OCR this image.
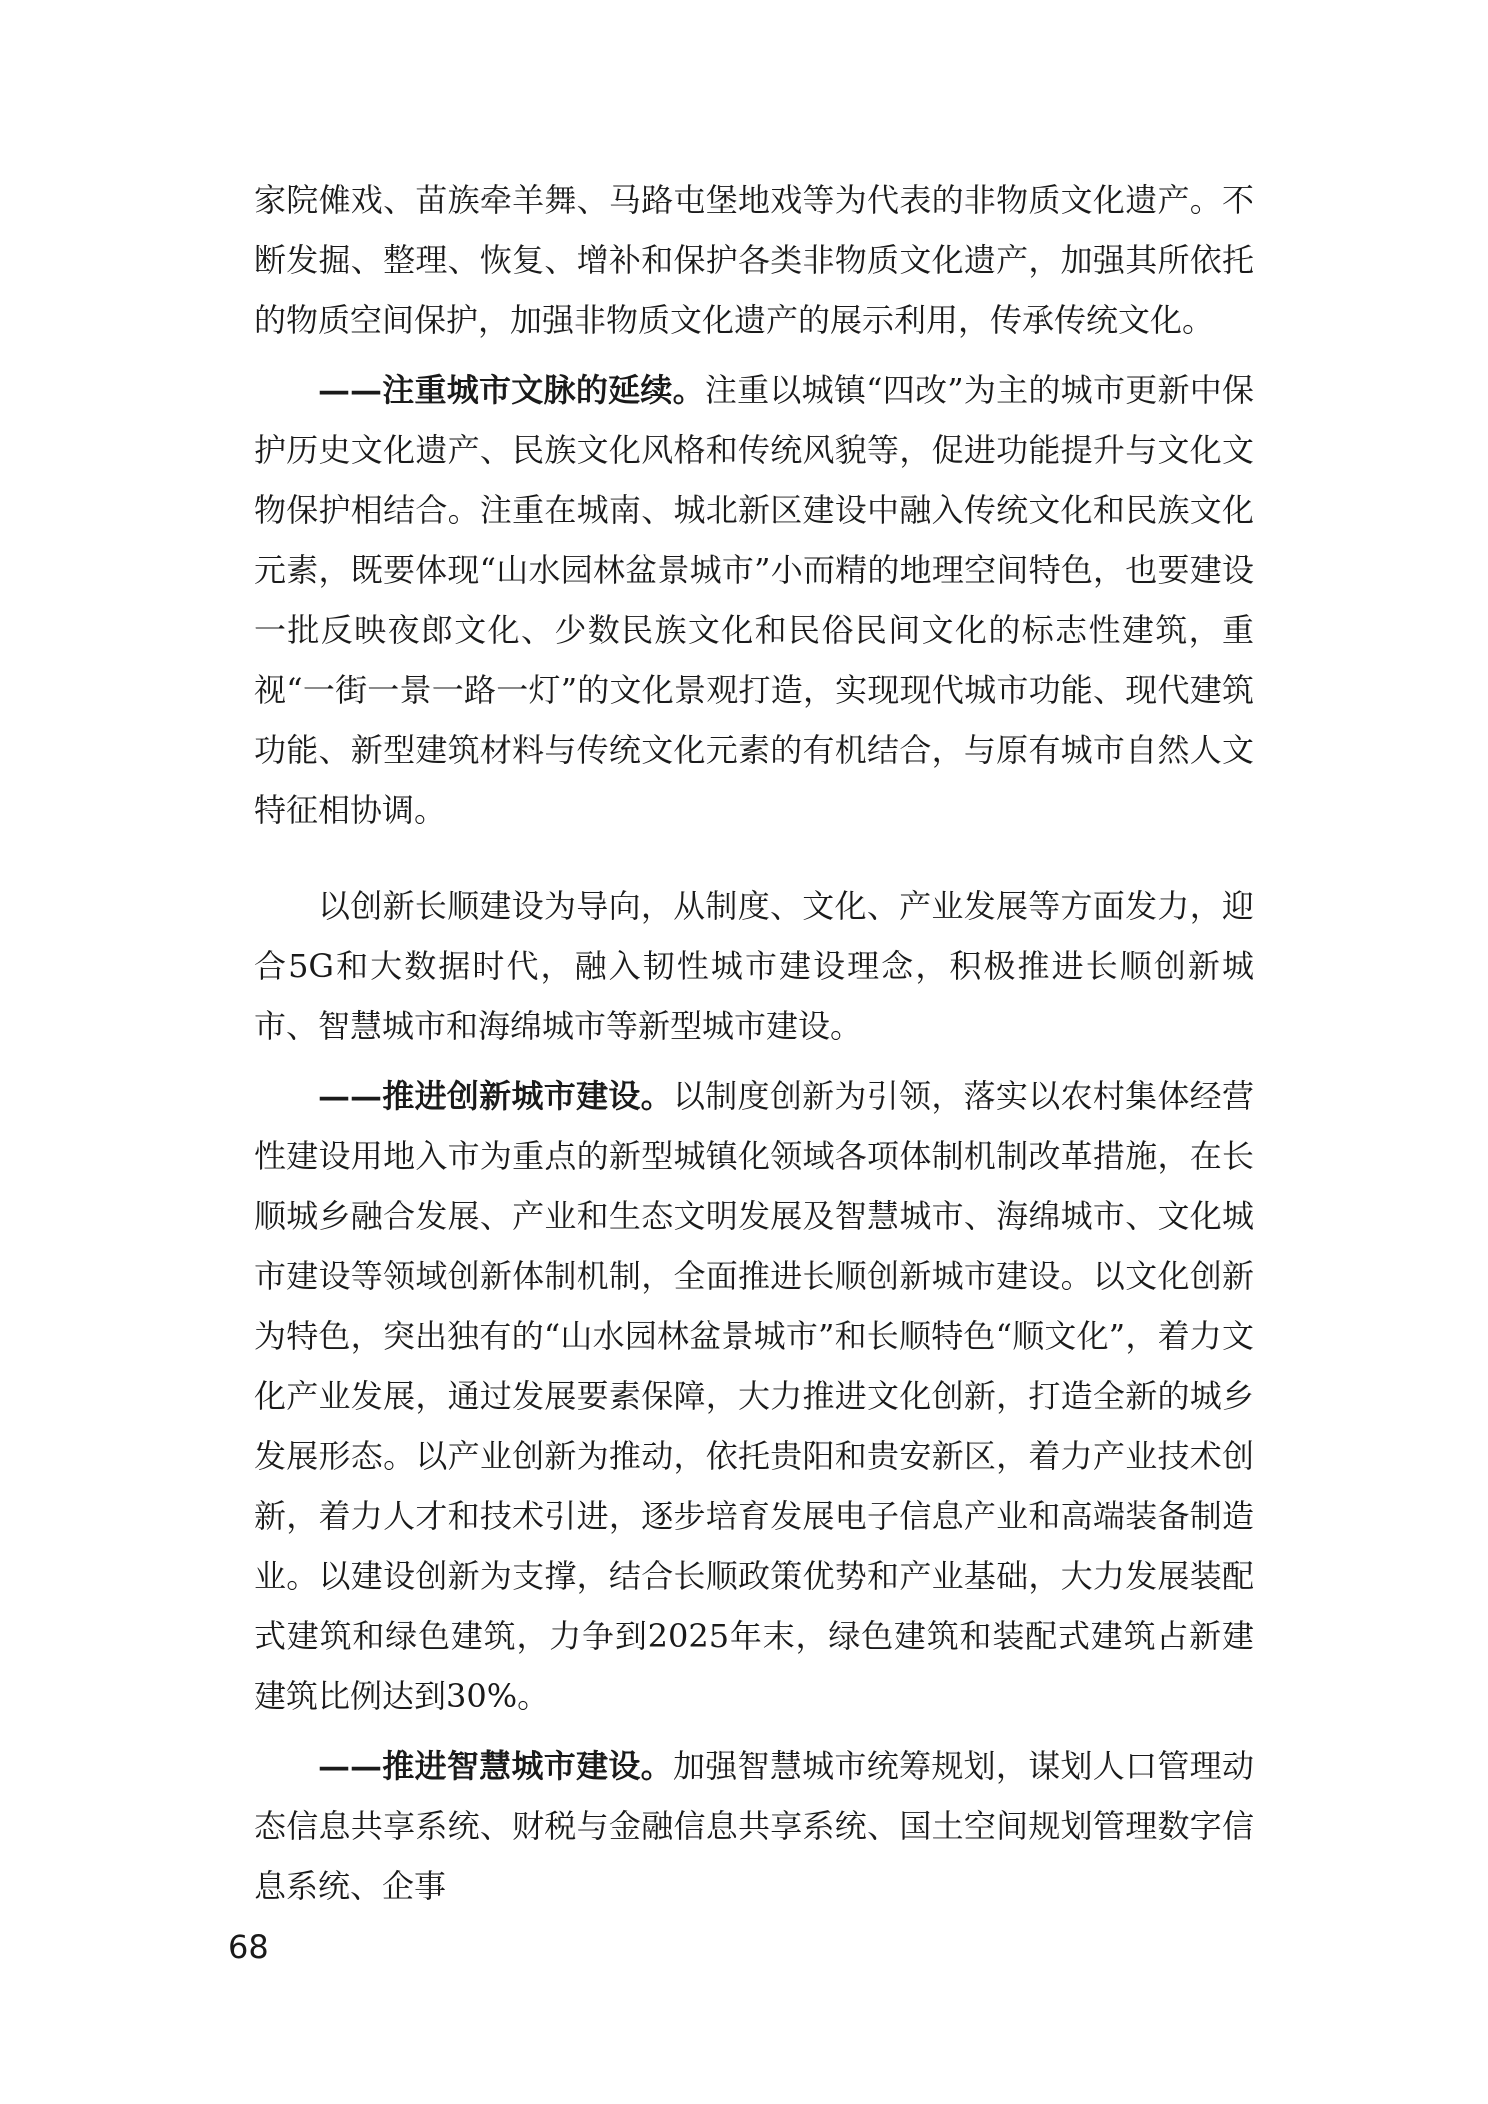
家院傩戏、苗族牵羊舞、马路屯堡地戏等为代表的非物质文化遗产。不断发掘、整理、恢复、增补和保护各类非物质文化遗产，加强其所依托的物质空间保护，加强非物质文化遗产的展示利用，传承传统文化。

——注重城市文脉的延续。注重以城镇“四改”为主的城市更新中保护历史文化遗产、民族文化风格和传统风貌等，促进功能提升与文化文物保护相结合。注重在城南、城北新区建设中融入传统文化和民族文化元素，既要体现“山水园林盆景城市”小而精的地理空间特色，也要建设一批反映夜郎文化、少数民族文化和民俗民间文化的标志性建筑，重视“一街一景一路一灯”的文化景观打造，实现现代城市功能、现代建筑功能、新型建筑材料与传统文化元素的有机结合，与原有城市自然人文特征相协调。

以创新长顺建设为导向，从制度、文化、产业发展等方面发力，迎合5G和大数据时代，融入韧性城市建设理念，积极推进长顺创新城市、智慧城市和海绵城市等新型城市建设。

——推进创新城市建设。以制度创新为引领，落实以农村集体经营性建设用地入市为重点的新型城镇化领域各项体制机制改革措施，在长顺城乡融合发展、产业和生态文明发展及智慧城市、海绵城市、文化城市建设等领域创新体制机制，全面推进长顺创新城市建设。以文化创新为特色，突出独有的“山水园林盆景城市”和长顺特色“顺文化”，着力文化产业发展，通过发展要素保障，大力推进文化创新，打造全新的城乡发展形态。以产业创新为推动，依托贵阳和贵安新区，着力产业技术创新，着力人才和技术引进，逐步培育发展电子信息产业和高端装备制造业。以建设创新为支撑，结合长顺政策优势和产业基础，大力发展装配式建筑和绿色建筑，力争到2025年末，绿色建筑和装配式建筑占新建建筑比例达到30%。

——推进智慧城市建设。加强智慧城市统筹规划，谋划人口管理动态信息共享系统、财税与金融信息共享系统、国土空间规划管理数字信息系统、企事

68
